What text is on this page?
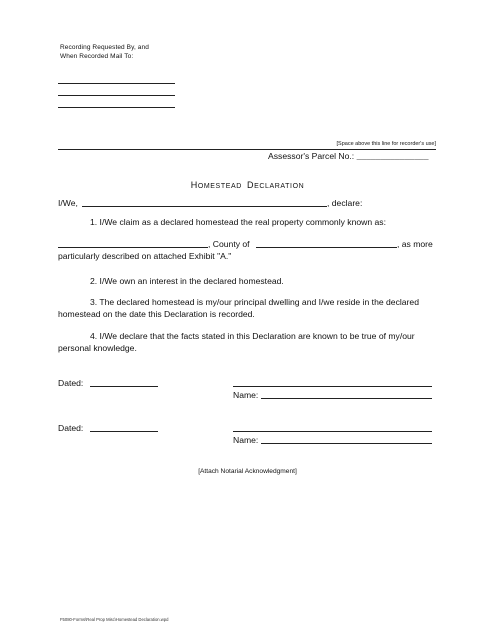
Recording Requested By, and
When Recorded Mail To:
[Space above this line for recorder's use]
Assessor's Parcel No.: _______________
HOMESTEAD DECLARATION
I/We,	, declare:
1. I/We claim as a declared homestead the real property commonly known as:
, County of	, as more
particularly described on attached Exhibit "A."
2. I/We own an interest in the declared homestead.
3. The declared homestead is my/our principal dwelling and I/we reside in the declared
homestead on the date this Declaration is recorded.
4. I/We declare that the facts stated in this Declaration are known to be true of my/our
personal knowledge.
Dated:
Name:
Dated:
Name:
[Attach Notarial Acknowledgment]
F5080-Forms\Real Prop Misc\Homestead Declaration.wpd
